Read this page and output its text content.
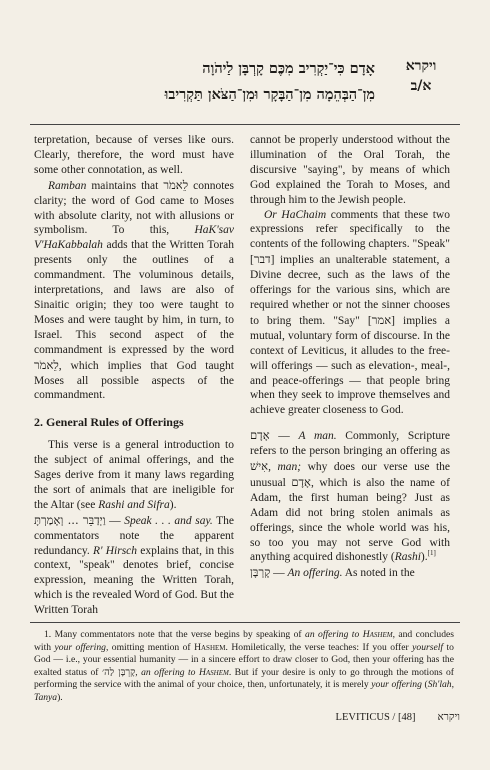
ויקרא
א/ב
אָדָם כִּי־יַקְרִיב מִכֶּם קָרְבָּן לַיהֹוָה
מִן־הַבְּהֵמָה מִן־הַבָּקָר וּמִן־הַצֹּאן תַּקְרִיבוּ

terpretation, because of verses like ours. Clearly, therefore, the word must have some other connotation, as well.

Ramban maintains that לֵאמֹר connotes clarity; the word of God came to Moses with absolute clarity, not with allusions or symbolism. To this, HaK'sav V'HaKabbalah adds that the Written Torah presents only the outlines of a commandment. The voluminous details, interpretations, and laws are also of Sinaitic origin; they too were taught to Moses and were taught by him, in turn, to Israel. This second aspect of the commandment is expressed by the word לֵאמֹר, which implies that God taught Moses all possible aspects of the commandment.

2. General Rules of Offerings

This verse is a general introduction to the subject of animal offerings, and the Sages derive from it many laws regarding the sort of animals that are ineligible for the Altar (see Rashi and Sifra).

וַיְדַבֵּר ... וְאָמַרְתָּ — Speak . . . and say. The commentators note the apparent redundancy. R' Hirsch explains that, in this context, "speak" denotes brief, concise expression, meaning the Written Torah, which is the revealed Word of God. But the Written Torah

cannot be properly understood without the illumination of the Oral Torah, the discursive "saying", by means of which God explained the Torah to Moses, and through him to the Jewish people.

Or HaChaim comments that these two expressions refer specifically to the contents of the following chapters. "Speak" [דבר] implies an unalterable statement, a Divine decree, such as the laws of the offerings for the various sins, which are required whether or not the sinner chooses to bring them. "Say" [אמר] implies a mutual, voluntary form of discourse. In the context of Leviticus, it alludes to the free-will offerings — such as elevation-, meal-, and peace-offerings — that people bring when they seek to improve themselves and achieve greater closeness to God.

אָדָם — A man. Commonly, Scripture refers to the person bringing an offering as אִישׁ, man; why does our verse use the unusual אָדָם, which is also the name of Adam, the first human being? Just as Adam did not bring stolen animals as offerings, since the whole world was his, so too you may not serve God with anything acquired dishonestly (Rashi).[1]

קָרְבָּן — An offering. As noted in the

1. Many commentators note that the verse begins by speaking of an offering to Hashem, and concludes with your offering, omitting mention of Hashem. Homiletically, the verse teaches: If you offer yourself to God — i.e., your essential humanity — in a sincere effort to draw closer to God, then your offering has the exalted status of קָרְבָּן לַה׳, an offering to Hashem. But if your desire is only to go through the motions of performing the service with the animal of your choice, then, unfortunately, it is merely your offering (Sh'lah, Tanya).

LEVITICUS /	ויקרא[48]
